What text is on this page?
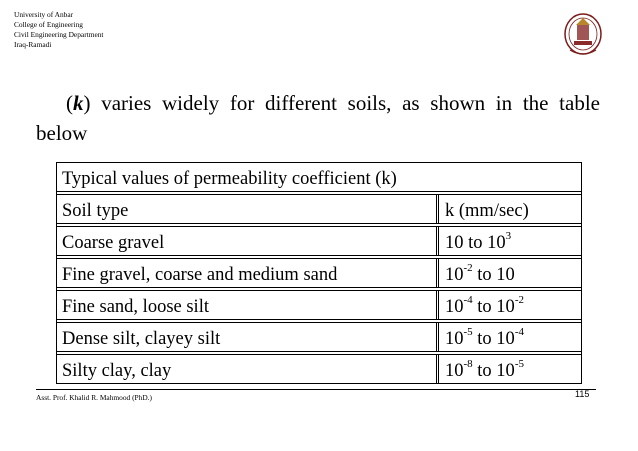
University of Anbar
College of Engineering
Civil Engineering Department
Iraq-Ramadi
(k) varies widely for different soils, as shown in the table below
Typical values of permeability coefficient (k)
Soil type	k (mm/sec)
Coarse gravel	10 to $10^3$
Fine gravel, coarse and medium sand	$10^{-2}$ to 10
Fine sand, loose silt	$10^{-4}$ to $10^{-2}$
Dense silt, clayey silt	$10^{-5}$ to $10^{-4}$
Silty clay, clay	$10^{-8}$ to $10^{-5}$
Asst. Prof. Khalid R. Mahmood (PhD.)	115
